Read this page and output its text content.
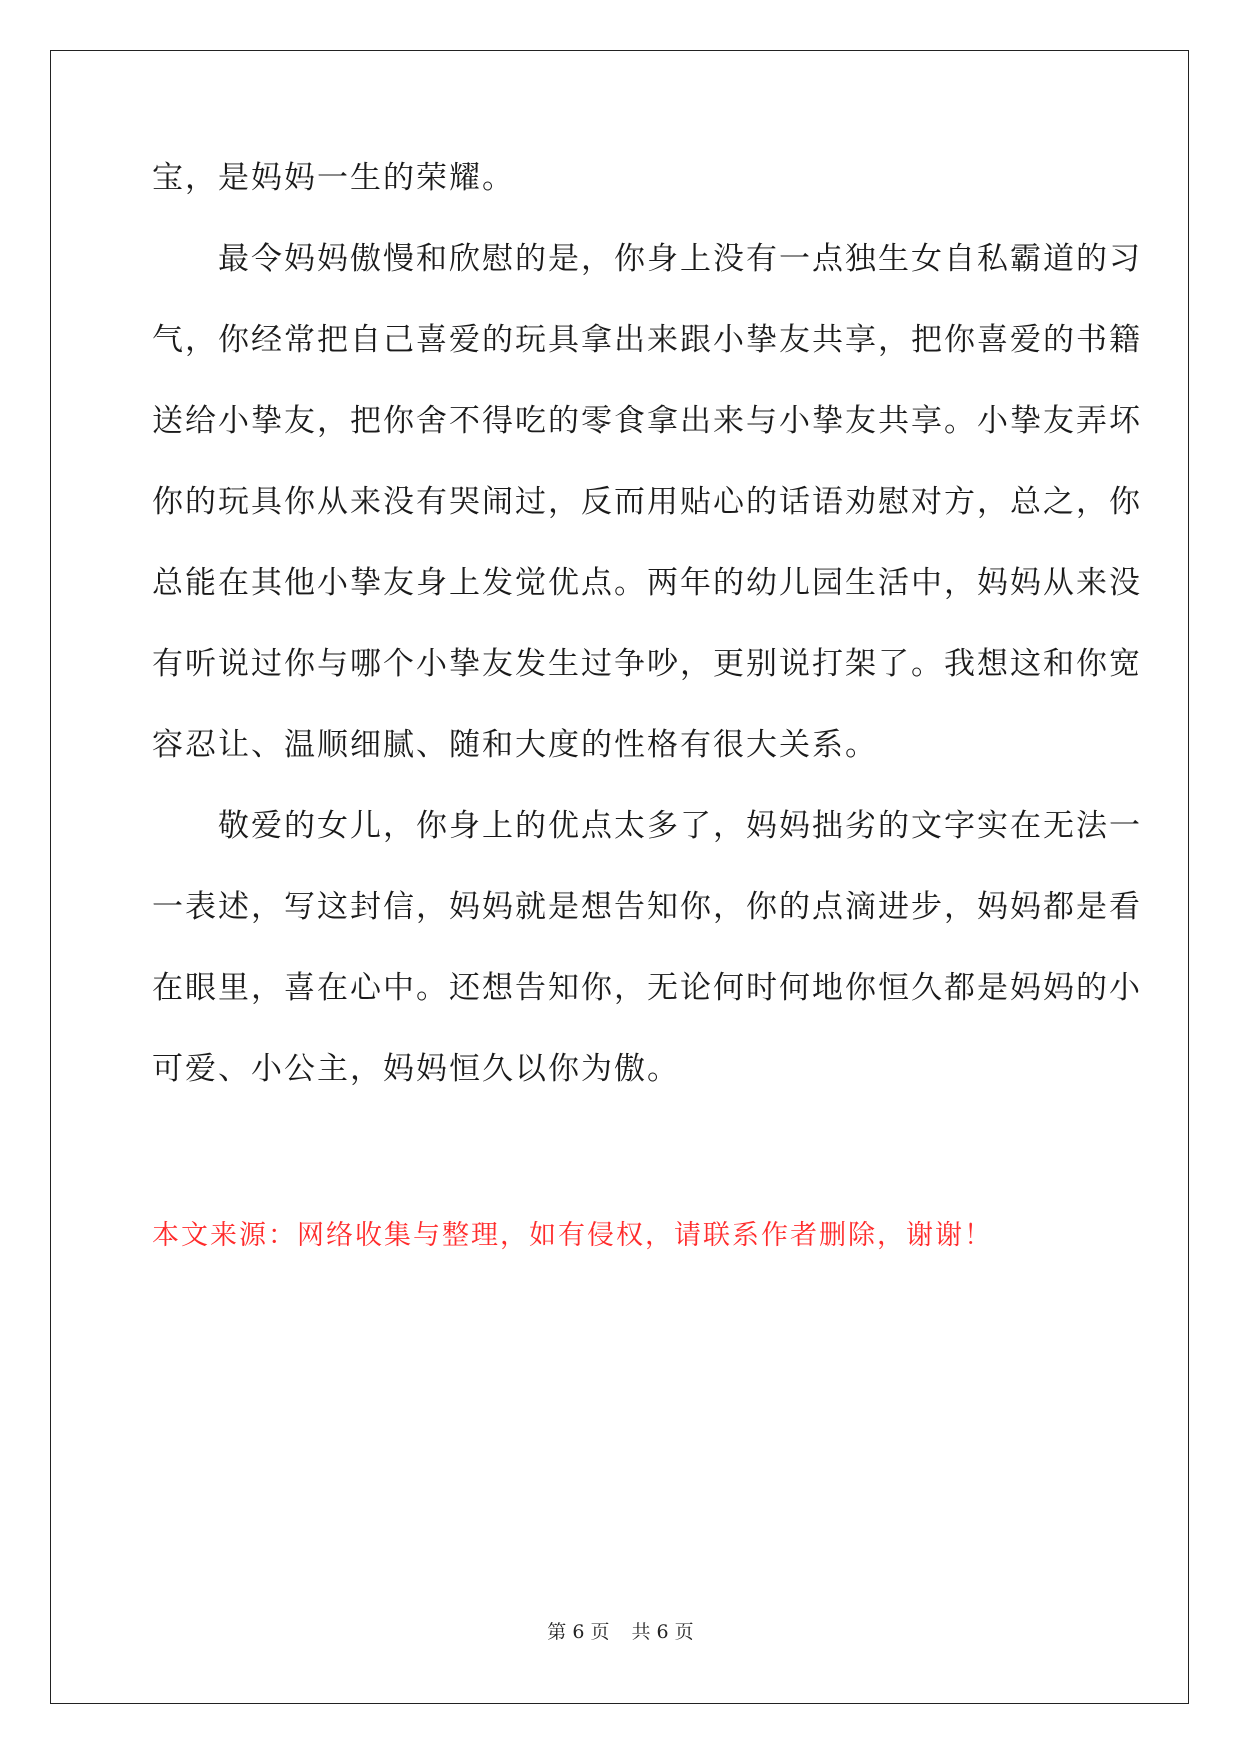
宝，是妈妈一生的荣耀。
　　最令妈妈傲慢和欣慰的是，你身上没有一点独生女自私霸道的习
气，你经常把自己喜爱的玩具拿出来跟小挚友共享，把你喜爱的书籍
送给小挚友，把你舍不得吃的零食拿出来与小挚友共享。小挚友弄坏
你的玩具你从来没有哭闹过，反而用贴心的话语劝慰对方，总之，你
总能在其他小挚友身上发觉优点。两年的幼儿园生活中，妈妈从来没
有听说过你与哪个小挚友发生过争吵，更别说打架了。我想这和你宽
容忍让、温顺细腻、随和大度的性格有很大关系。
　　敬爱的女儿，你身上的优点太多了，妈妈拙劣的文字实在无法一
一表述，写这封信，妈妈就是想告知你，你的点滴进步，妈妈都是看
在眼里，喜在心中。还想告知你，无论何时何地你恒久都是妈妈的小
可爱、小公主，妈妈恒久以你为傲。
本文来源：网络收集与整理，如有侵权，请联系作者删除，谢谢！
第 6 页 共 6 页
